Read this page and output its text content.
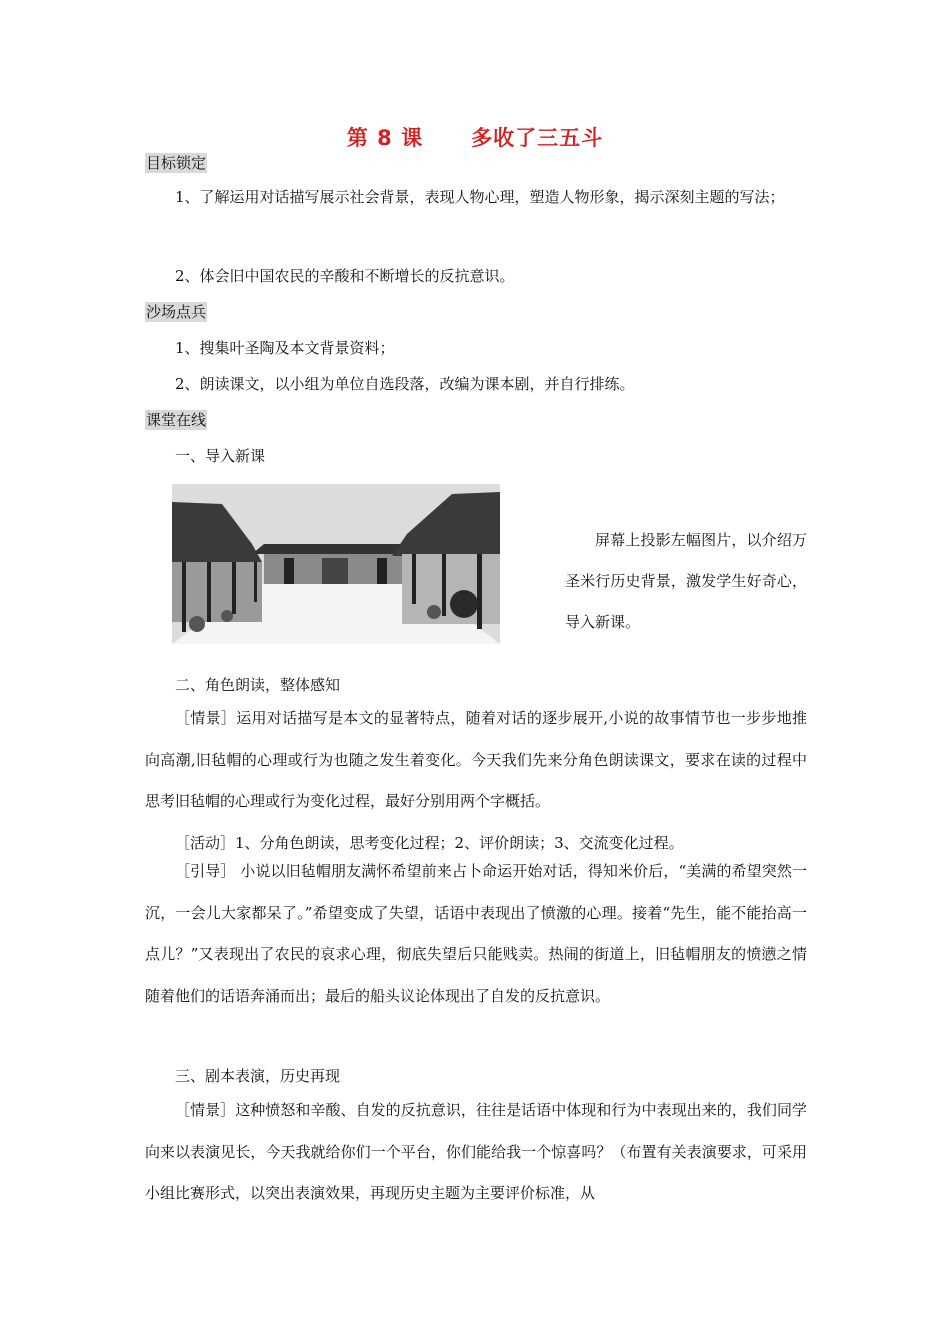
第 8 课 多收了三五斗
目标锁定
1、了解运用对话描写展示社会背景，表现人物心理，塑造人物形象，揭示深刻主题的写法；
2、体会旧中国农民的辛酸和不断增长的反抗意识。
沙场点兵
1、搜集叶圣陶及本文背景资料；
2、朗读课文，以小组为单位自选段落，改编为课本剧，并自行排练。
课堂在线
一、导入新课
屏幕上投影左幅图片，以介绍万圣米行历史背景，激发学生好奇心，导入新课。
二、角色朗读，整体感知
［情景］运用对话描写是本文的显著特点，随着对话的逐步展开,小说的故事情节也一步步地推向高潮,旧毡帽的心理或行为也随之发生着变化。今天我们先来分角色朗读课文，要求在读的过程中思考旧毡帽的心理或行为变化过程，最好分别用两个字概括。
［活动］1、分角色朗读，思考变化过程；2、评价朗读；3、交流变化过程。
［引导］ 小说以旧毡帽朋友满怀希望前来占卜命运开始对话，得知米价后，“美满的希望突然一沉，一会儿大家都呆了。”希望变成了失望，话语中表现出了愤激的心理。接着“先生，能不能抬高一点儿？”又表现出了农民的哀求心理，彻底失望后只能贱卖。热闹的街道上，旧毡帽朋友的愤懑之情随着他们的话语奔涌而出；最后的船头议论体现出了自发的反抗意识。
三、剧本表演，历史再现
［情景］这种愤怒和辛酸、自发的反抗意识，往往是话语中体现和行为中表现出来的，我们同学向来以表演见长，今天我就给你们一个平台，你们能给我一个惊喜吗？（布置有关表演要求，可采用小组比赛形式，以突出表演效果，再现历史主题为主要评价标准，从
